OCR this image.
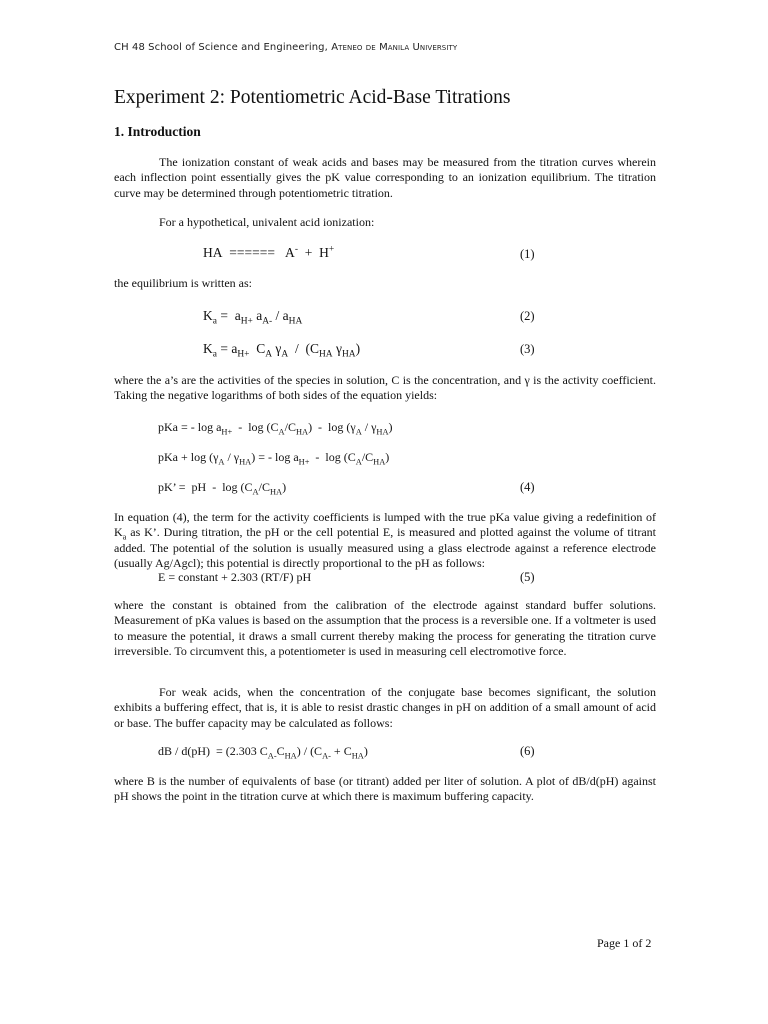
CH 48 School of Science and Engineering, Ateneo de Manila University
Experiment 2: Potentiometric Acid-Base Titrations
1. Introduction

The ionization constant of weak acids and bases may be measured from the titration curves wherein each inflection point essentially gives the pK value corresponding to an ionization equilibrium. The titration curve may be determined through potentiometric titration.

For a hypothetical, univalent acid ionization:

HA  ======   A-  +  H+	(1)

the equilibrium is written as:

$K_a = a_{H+}$ $a_{A-} / a_{HA}$	(2)
$K_a = a_{H+}$  $C_A$ $\gamma_A / (C_{HA}$ $\gamma_{HA}$)	(3)

where the a’s are the activities of the species in solution, C is the concentration, and γ is the activity coefficient. Taking the negative logarithms of both sides of the equation yields:

pKa = - $\log a_{H+}$  -  $\log (C_A/C_{HA})$  -  $\log (\gamma_A / \gamma_{HA})$
pKa + $\log (\gamma_A / \gamma_{HA})$ = - $\log a_{H+}$  -  $\log (C_A/C_{HA})$
pK’ =  pH  -  $\log (C_A/C_{HA})$	(4)

In equation (4), the term for the activity coefficients is lumped with the true pKa value giving a redefinition of $K_a$ as K’. During titration, the pH or the cell potential E, is measured and plotted against the volume of titrant added. The potential of the solution is usually measured using a glass electrode against a reference electrode (usually Ag/Agcl); this potential is directly proportional to the pH as follows:

E = constant + 2.303 (RT/F) pH	(5)

where the constant is obtained from the calibration of the electrode against standard buffer solutions. Measurement of pKa values is based on the assumption that the process is a reversible one. If a voltmeter is used to measure the potential, it draws a small current thereby making the process for generating the titration curve irreversible. To circumvent this, a potentiometer is used in measuring cell electromotive force.

For weak acids, when the concentration of the conjugate base becomes significant, the solution exhibits a buffering effect, that is, it is able to resist drastic changes in pH on addition of a small amount of acid or base. The buffer capacity may be calculated as follows:

dB / d(pH)  = (2.303 $C_{A-}C_{HA}) / (C_{A-} + C_{HA})$	(6)

where B is the number of equivalents of base (or titrant) added per liter of solution. A plot of dB/d(pH) against pH shows the point in the titration curve at which there is maximum buffering capacity.

Page 1 of 2
